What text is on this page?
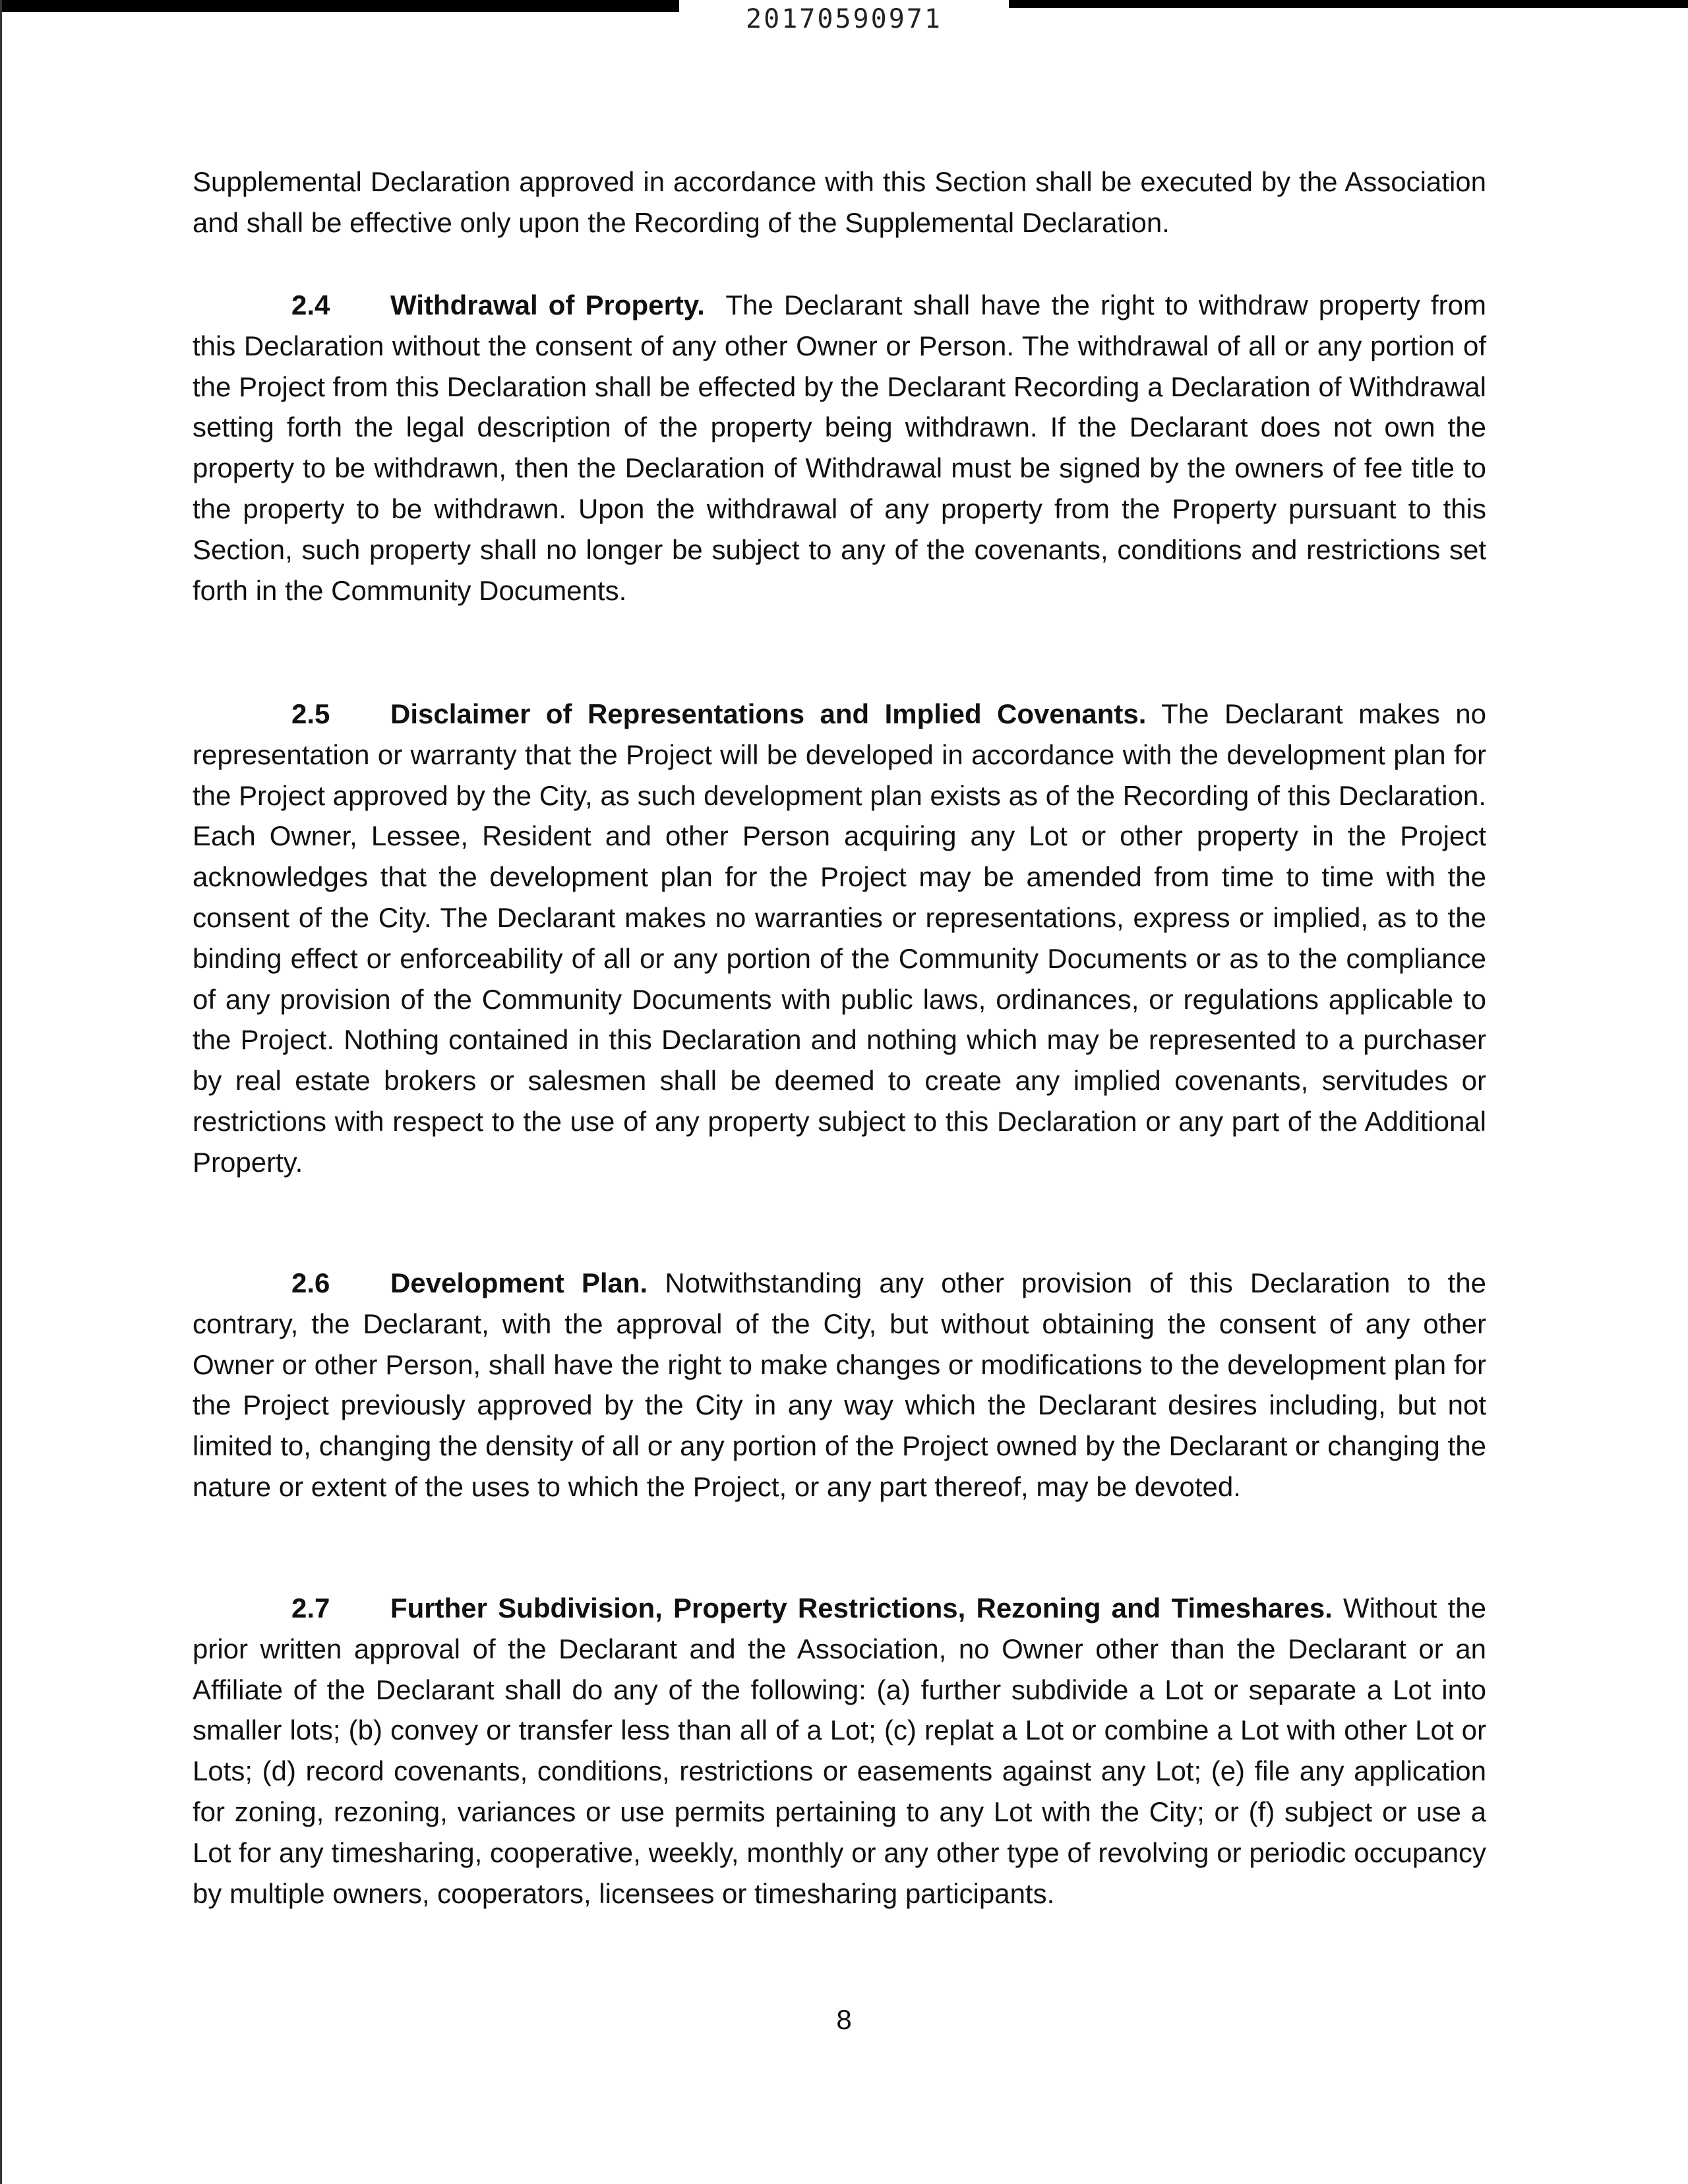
20170590971
Supplemental Declaration approved in accordance with this Section shall be executed by the Association and shall be effective only upon the Recording of the Supplemental Declaration.
2.4 Withdrawal of Property. The Declarant shall have the right to withdraw property from this Declaration without the consent of any other Owner or Person. The withdrawal of all or any portion of the Project from this Declaration shall be effected by the Declarant Recording a Declaration of Withdrawal setting forth the legal description of the property being withdrawn. If the Declarant does not own the property to be withdrawn, then the Declaration of Withdrawal must be signed by the owners of fee title to the property to be withdrawn. Upon the withdrawal of any property from the Property pursuant to this Section, such property shall no longer be subject to any of the covenants, conditions and restrictions set forth in the Community Documents.
2.5 Disclaimer of Representations and Implied Covenants. The Declarant makes no representation or warranty that the Project will be developed in accordance with the development plan for the Project approved by the City, as such development plan exists as of the Recording of this Declaration. Each Owner, Lessee, Resident and other Person acquiring any Lot or other property in the Project acknowledges that the development plan for the Project may be amended from time to time with the consent of the City. The Declarant makes no warranties or representations, express or implied, as to the binding effect or enforceability of all or any portion of the Community Documents or as to the compliance of any provision of the Community Documents with public laws, ordinances, or regulations applicable to the Project. Nothing contained in this Declaration and nothing which may be represented to a purchaser by real estate brokers or salesmen shall be deemed to create any implied covenants, servitudes or restrictions with respect to the use of any property subject to this Declaration or any part of the Additional Property.
2.6 Development Plan. Notwithstanding any other provision of this Declaration to the contrary, the Declarant, with the approval of the City, but without obtaining the consent of any other Owner or other Person, shall have the right to make changes or modifications to the development plan for the Project previously approved by the City in any way which the Declarant desires including, but not limited to, changing the density of all or any portion of the Project owned by the Declarant or changing the nature or extent of the uses to which the Project, or any part thereof, may be devoted.
2.7 Further Subdivision, Property Restrictions, Rezoning and Timeshares. Without the prior written approval of the Declarant and the Association, no Owner other than the Declarant or an Affiliate of the Declarant shall do any of the following: (a) further subdivide a Lot or separate a Lot into smaller lots; (b) convey or transfer less than all of a Lot; (c) replat a Lot or combine a Lot with other Lot or Lots; (d) record covenants, conditions, restrictions or easements against any Lot; (e) file any application for zoning, rezoning, variances or use permits pertaining to any Lot with the City; or (f) subject or use a Lot for any timesharing, cooperative, weekly, monthly or any other type of revolving or periodic occupancy by multiple owners, cooperators, licensees or timesharing participants.
8
